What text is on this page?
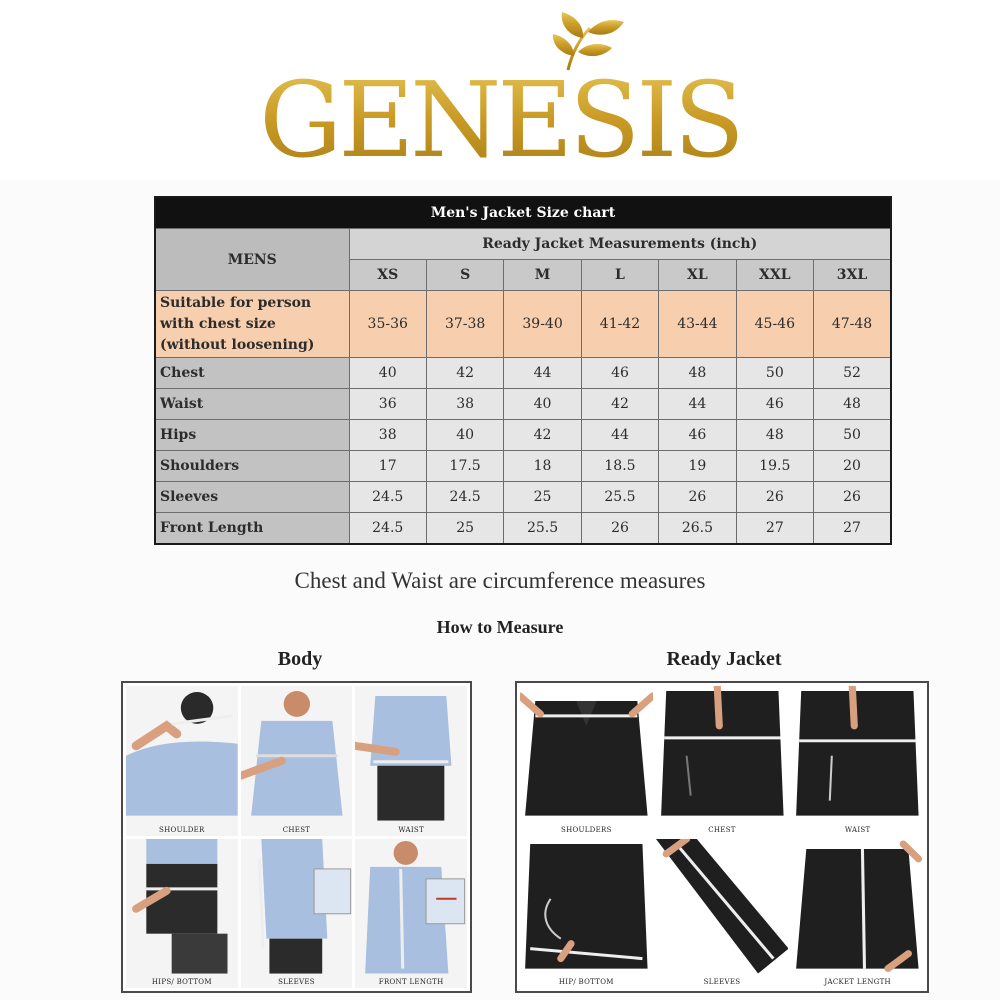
GENESIS
Men's Jacket Size chart							
MENS	Ready Jacket Measurements (inch)						
	XS	S	M	L	XL	XXL	3XL

Suitable for person
with chest size
(without loosening)	35-36	37-38	39-40	41-42	43-44	45-46	47-48
Chest	40	42	44	46	48	50	52
Waist	36	38	40	42	44	46	48
Hips	38	40	42	44	46	48	50
Shoulders	17	17.5	18	18.5	19	19.5	20
Sleeves	24.5	24.5	25	25.5	26	26	26
Front Length	24.5	25	25.5	26	26.5	27	27
Chest and Waist are circumference measures
How to Measure
Body	Ready Jacket
SHOULDER	CHEST	WAIST
HIPS/ BOTTOM	SLEEVES	FRONT LENGTH
SHOULDERS	CHEST	WAIST
HIP/ BOTTOM	SLEEVES	JACKET LENGTH
